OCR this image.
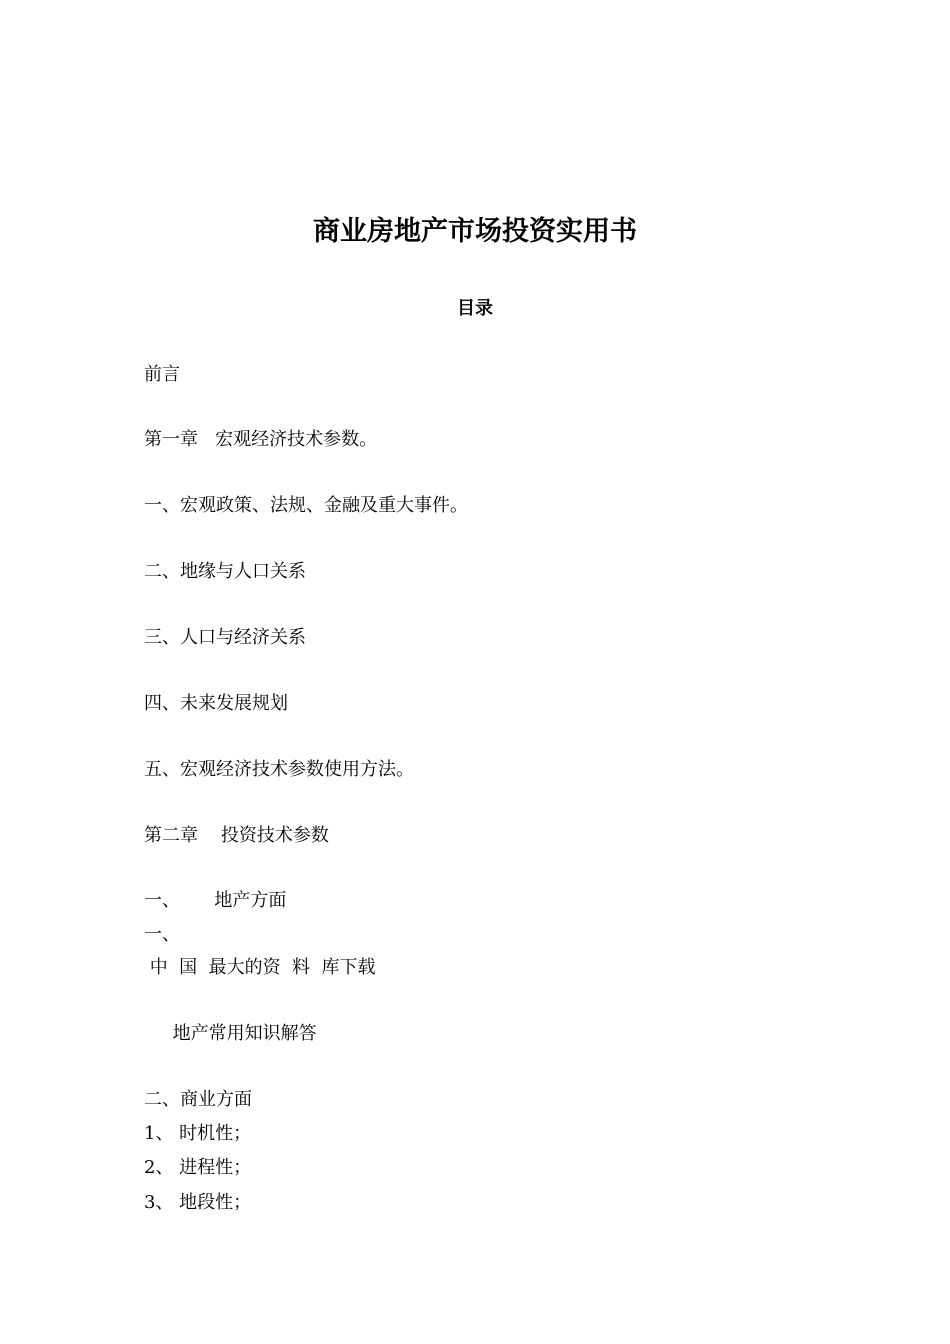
商业房地产市场投资实用书
目录

前言

第一章   宏观经济技术参数。

一、宏观政策、法规、金融及重大事件。

二、地缘与人口关系

三、人口与经济关系

四、未来发展规划

五、宏观经济技术参数使用方法。

第二章    投资技术参数

一、      地产方面

一、

中  国  最大的资  料  库下载

地产常用知识解答

二、商业方面

1、 时机性；

2、 进程性；

3、 地段性；
